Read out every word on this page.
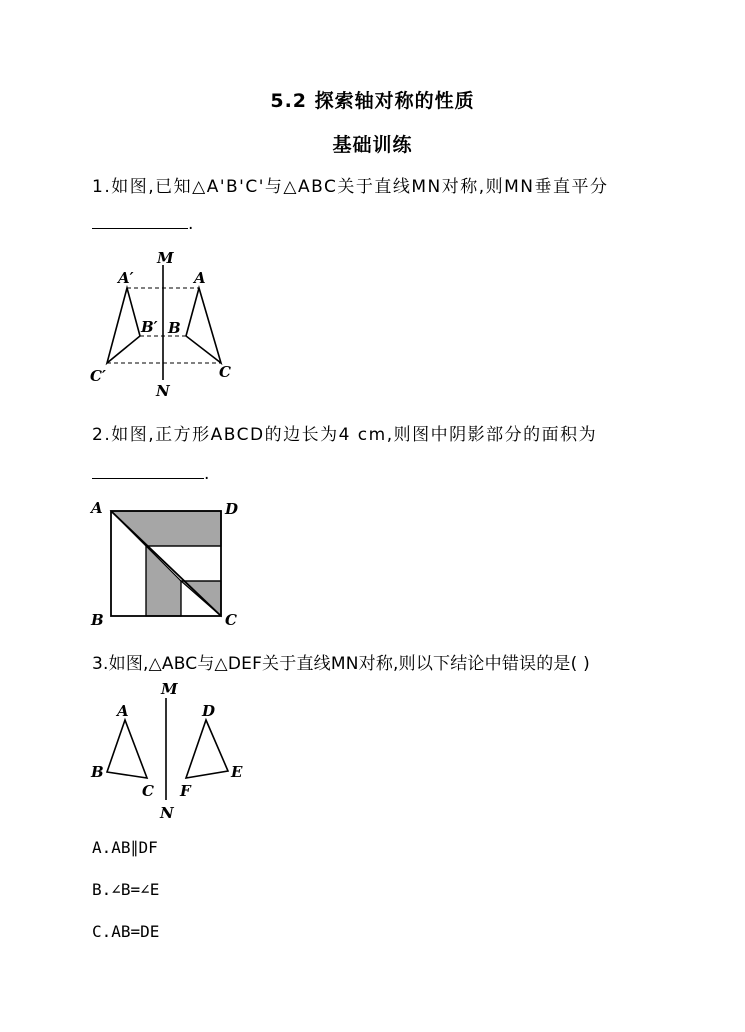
5.2 探索轴对称的性质
基础训练
1.如图,已知△A'B'C'与△ABC关于直线MN对称,则MN垂直平分
.
M
N
A′
B′
C′
A
B
C
2.如图,正方形ABCD的边长为4 cm,则图中阴影部分的面积为
.
A	D
B	C
3.如图,△ABC与△DEF关于直线MN对称,则以下结论中错误的是( )
M
N
A
B
C
D
E
F
A.AB∥DF
B.∠B=∠E
C.AB=DE
